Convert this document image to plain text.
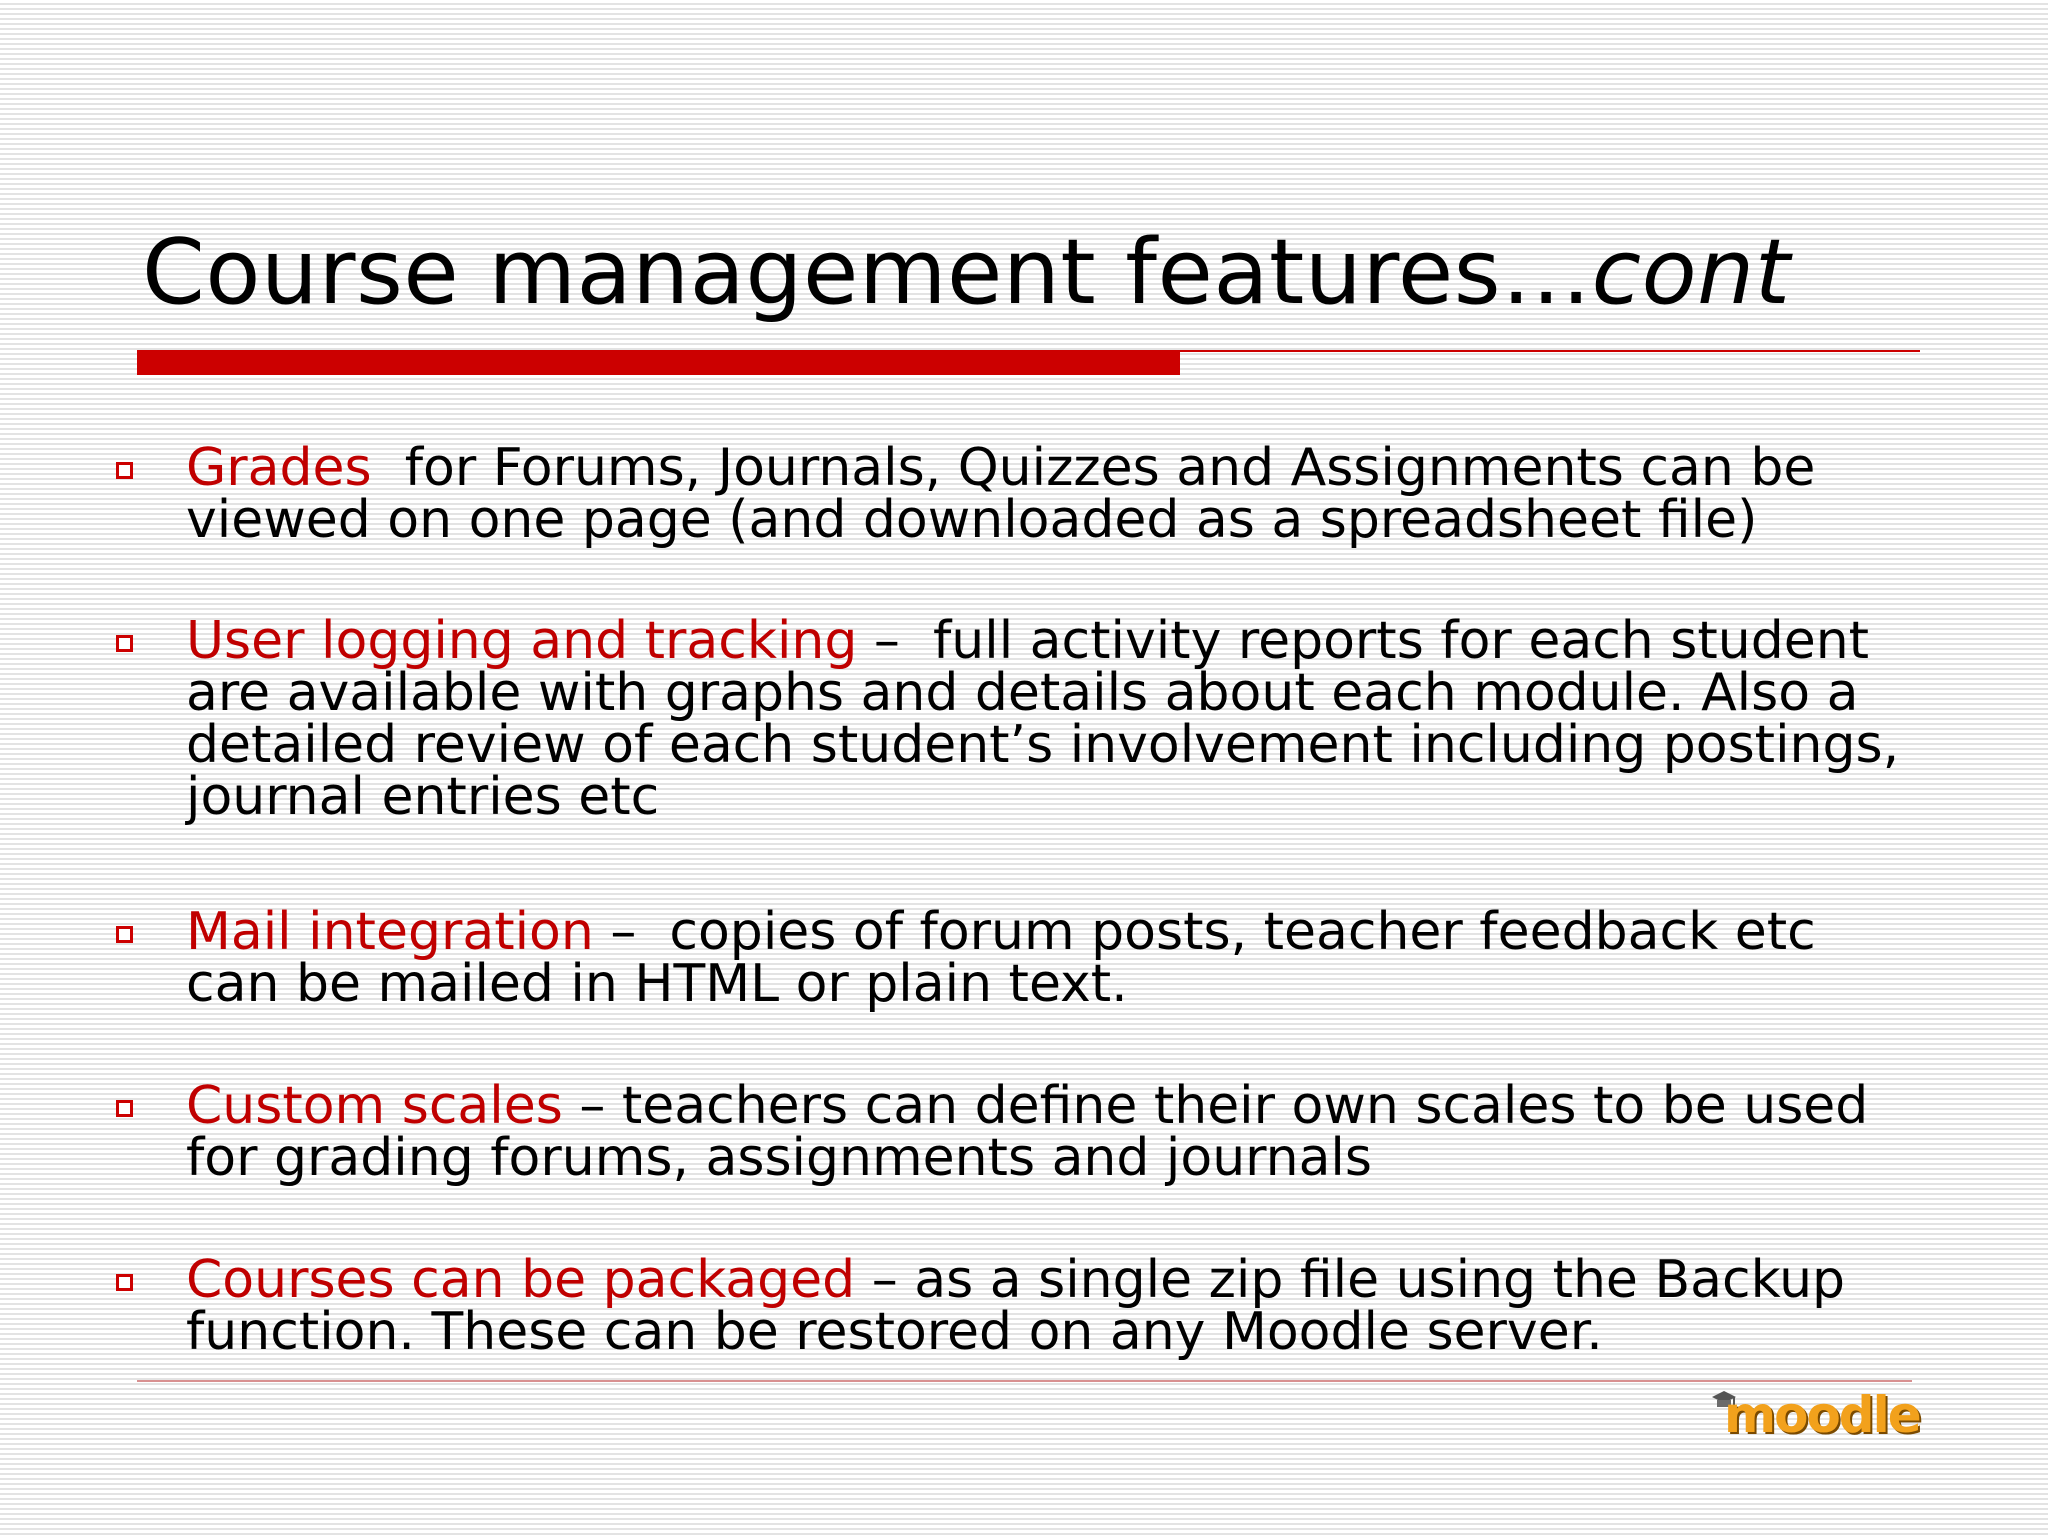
Course management features…cont
Grades  for Forums, Journals, Quizzes and Assignments can be
viewed on one page (and downloaded as a spreadsheet file)
User logging and tracking –  full activity reports for each student
are available with graphs and details about each module. Also a
detailed review of each student’s involvement including postings,
journal entries etc
Mail integration –  copies of forum posts, teacher feedback etc
can be mailed in HTML or plain text.
Custom scales – teachers can define their own scales to be used
for grading forums, assignments and journals
Courses can be packaged – as a single zip file using the Backup
function. These can be restored on any Moodle server.
moodle
